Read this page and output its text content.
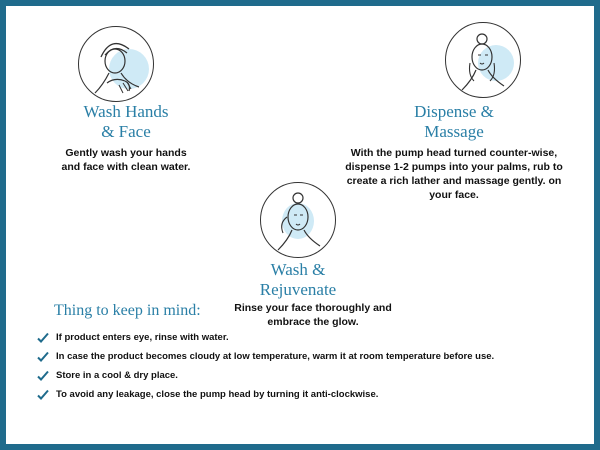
Wash Hands
& Face
Gently wash your hands
and face with clean water.
Dispense &
Massage
With the pump head turned counter-wise,
dispense 1-2 pumps into your palms, rub to
create a rich lather and massage gently. on
your face.
Wash &
Rejuvenate
Rinse your face thoroughly and
embrace the glow.
Thing to keep in mind:
If product enters eye, rinse with water.
In case the product becomes cloudy at low temperature, warm it at room temperature before use.
Store in a cool & dry place.
To avoid any leakage, close the pump head by turning it anti-clockwise.
